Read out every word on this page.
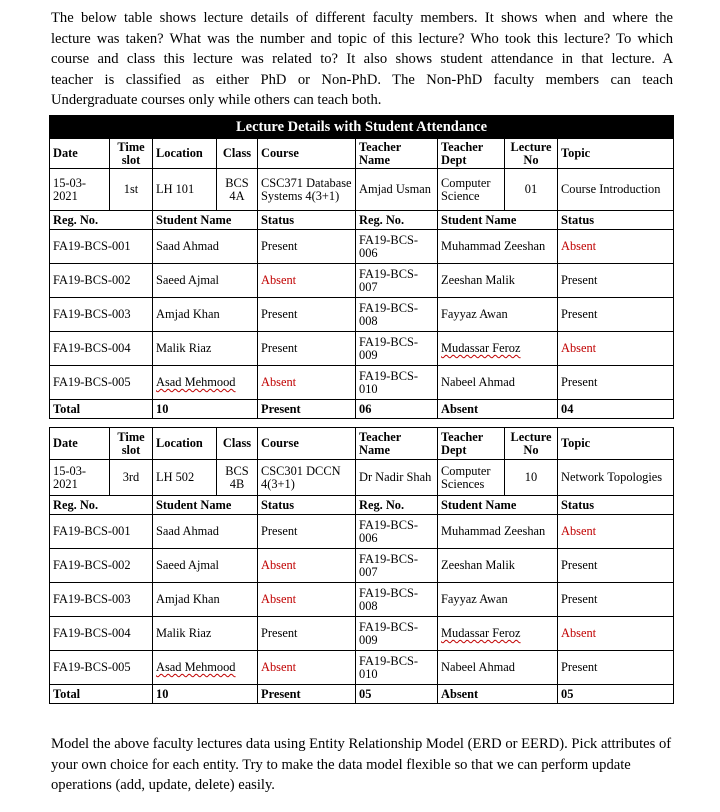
The below table shows lecture details of different faculty members. It shows when and where the
lecture was taken? What was the number and topic of this lecture? Who took this lecture? To which
course and class this lecture was related to? It also shows student attendance in that lecture. A
teacher is classified as either PhD or Non-PhD. The Non-PhD faculty members can teach
Undergraduate courses only while others can teach both.
Lecture Details with Student Attendance								
Date	Time slot	Location	Class	Course	Teacher Name	Teacher Dept	Lecture No	Topic
15-03-2021	1st	LH 101	BCS 4A	CSC371 Database Systems 4(3+1)	Amjad Usman	Computer Science	01	Course Introduction
Reg. No.		Student Name		Status	Reg. No.	Student Name		Status
FA19-BCS-001		Saad Ahmad		Present	FA19-BCS-006	Muhammad Zeeshan		Absent
FA19-BCS-002		Saeed Ajmal		Absent	FA19-BCS-007	Zeeshan Malik		Present
FA19-BCS-003		Amjad Khan		Present	FA19-BCS-008	Fayyaz Awan		Present
FA19-BCS-004		Malik Riaz		Present	FA19-BCS-009	Mudassar Feroz		Absent
FA19-BCS-005		Asad Mehmood		Absent	FA19-BCS-010	Nabeel Ahmad		Present
Total		10		Present	06	Absent		04

Date	Time slot	Location	Class	Course	Teacher Name	Teacher Dept	Lecture No	Topic
15-03-2021	3rd	LH 502	BCS 4B	CSC301 DCCN 4(3+1)	Dr Nadir Shah	Computer Sciences	10	Network Topologies
Reg. No.		Student Name		Status	Reg. No.	Student Name		Status
FA19-BCS-001		Saad Ahmad		Present	FA19-BCS-006	Muhammad Zeeshan		Absent
FA19-BCS-002		Saeed Ajmal		Absent	FA19-BCS-007	Zeeshan Malik		Present
FA19-BCS-003		Amjad Khan		Absent	FA19-BCS-008	Fayyaz Awan		Present
FA19-BCS-004		Malik Riaz		Present	FA19-BCS-009	Mudassar Feroz		Absent
FA19-BCS-005		Asad Mehmood		Absent	FA19-BCS-010	Nabeel Ahmad		Present
Total		10		Present	05	Absent		05
Model the above faculty lectures data using Entity Relationship Model (ERD or EERD). Pick attributes of your own choice for each entity. Try to make the data model flexible so that we can perform update operations (add, update, delete) easily.
